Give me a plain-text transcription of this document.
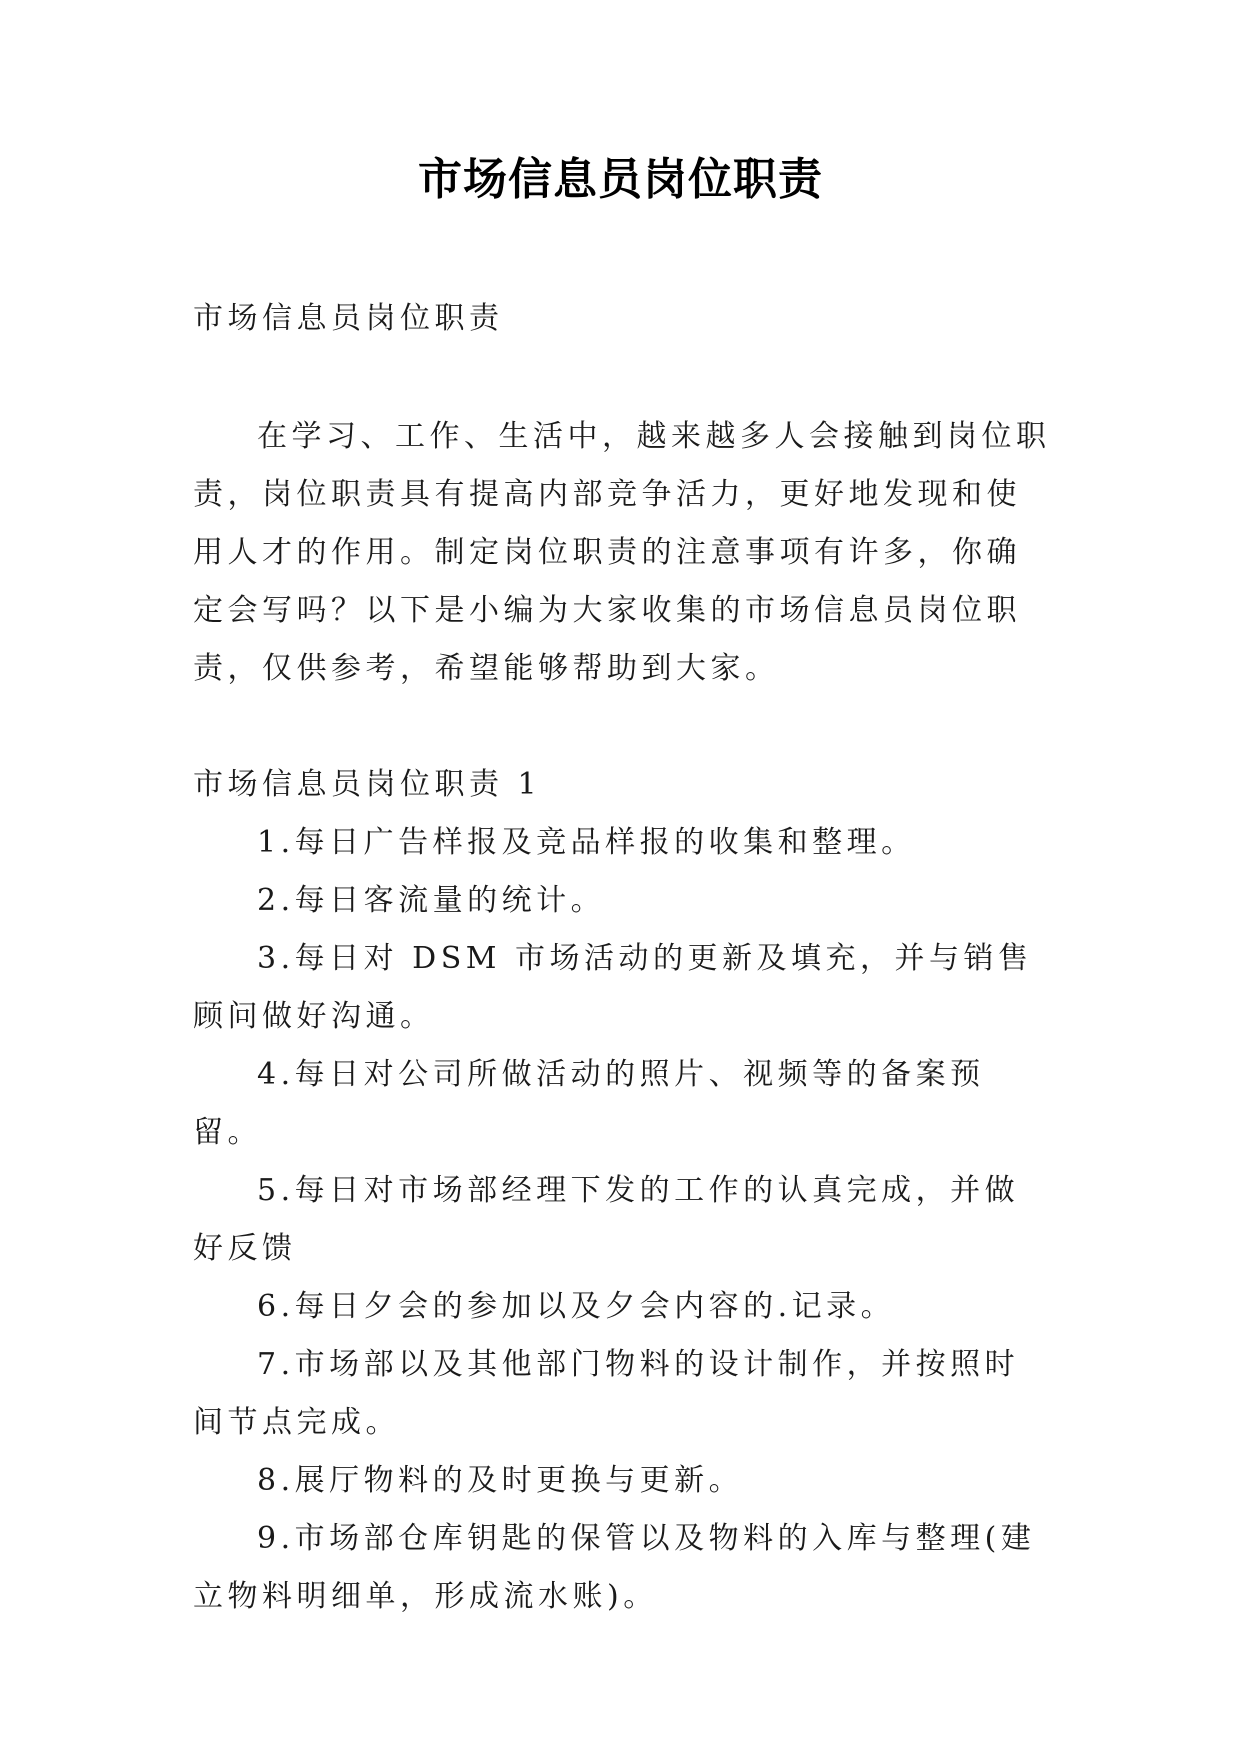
市场信息员岗位职责

市场信息员岗位职责

在学习、工作、生活中，越来越多人会接触到岗位职责，岗位职责具有提高内部竞争活力，更好地发现和使用人才的作用。制定岗位职责的注意事项有许多，你确定会写吗？以下是小编为大家收集的市场信息员岗位职责，仅供参考，希望能够帮助到大家。

市场信息员岗位职责 1

1.每日广告样报及竞品样报的收集和整理。

2.每日客流量的统计。

3.每日对 DSM 市场活动的更新及填充，并与销售顾问做好沟通。

4.每日对公司所做活动的照片、视频等的备案预留。

5.每日对市场部经理下发的工作的认真完成，并做好反馈

6.每日夕会的参加以及夕会内容的.记录。

7.市场部以及其他部门物料的设计制作，并按照时间节点完成。

8.展厅物料的及时更换与更新。

9.市场部仓库钥匙的保管以及物料的入库与整理(建立物料明细单，形成流水账)。
